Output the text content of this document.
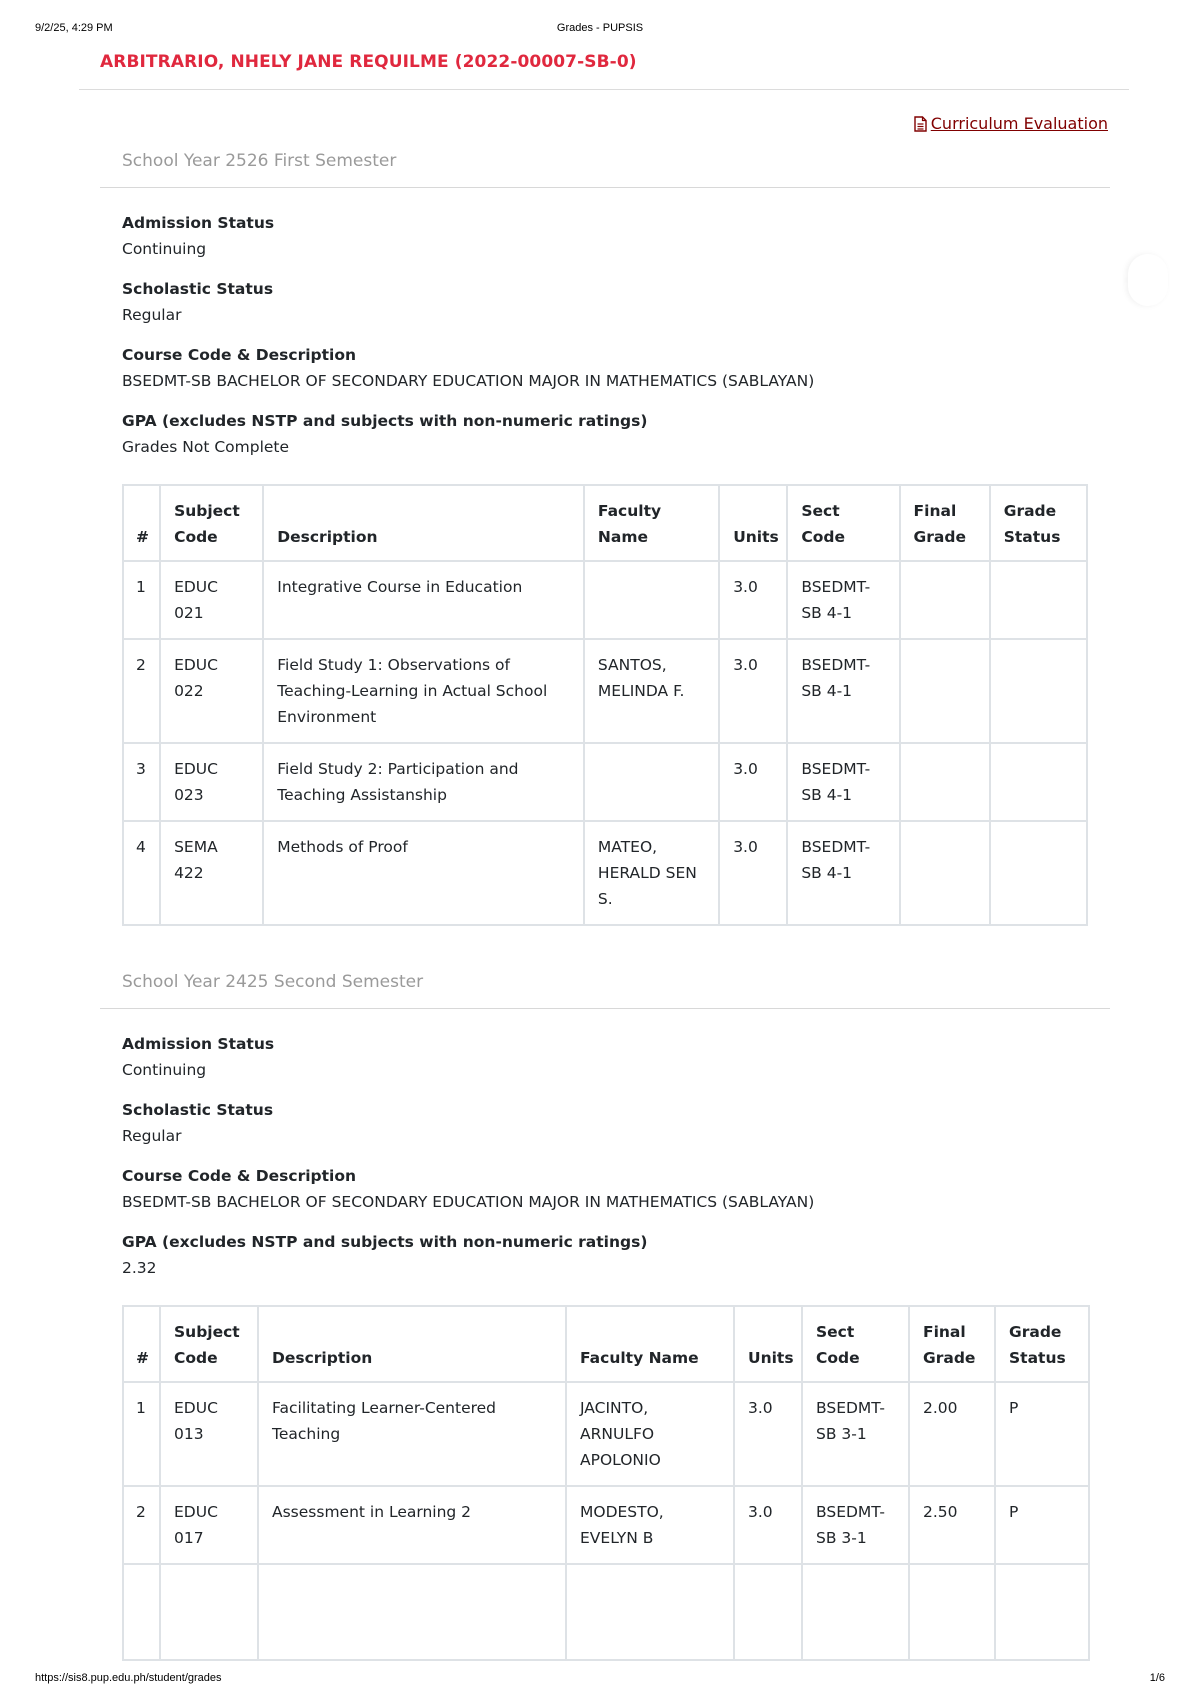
9/2/25, 4:29 PM	Grades - PUPSIS
ARBITRARIO, NHELY JANE REQUILME (2022-00007-SB-0)
Curriculum Evaluation
School Year 2526 First Semester
Admission Status
Continuing
Scholastic Status
Regular
Course Code & Description
BSEDMT-SB BACHELOR OF SECONDARY EDUCATION MAJOR IN MATHEMATICS (SABLAYAN)
GPA (excludes NSTP and subjects with non-numeric ratings)
Grades Not Complete
#	Subject Code	Description	Faculty Name	Units	Sect Code	Final Grade	Grade Status
1	EDUC 021	Integrative Course in Education		3.0	BSEDMT-SB 4-1		
2	EDUC 022	Field Study 1: Observations of Teaching-Learning in Actual School Environment	SANTOS, MELINDA F.	3.0	BSEDMT-SB 4-1		
3	EDUC 023	Field Study 2: Participation and Teaching Assistanship		3.0	BSEDMT-SB 4-1		
4	SEMA 422	Methods of Proof	MATEO, HERALD SEN S.	3.0	BSEDMT-SB 4-1		
School Year 2425 Second Semester
Admission Status
Continuing
Scholastic Status
Regular
Course Code & Description
BSEDMT-SB BACHELOR OF SECONDARY EDUCATION MAJOR IN MATHEMATICS (SABLAYAN)
GPA (excludes NSTP and subjects with non-numeric ratings)
2.32
#	Subject Code	Description	Faculty Name	Units	Sect Code	Final Grade	Grade Status
1	EDUC 013	Facilitating Learner-Centered Teaching	JACINTO, ARNULFO APOLONIO	3.0	BSEDMT-SB 3-1	2.00	P
2	EDUC 017	Assessment in Learning 2	MODESTO, EVELYN B	3.0	BSEDMT-SB 3-1	2.50	P

https://sis8.pup.edu.ph/student/grades	1/6
